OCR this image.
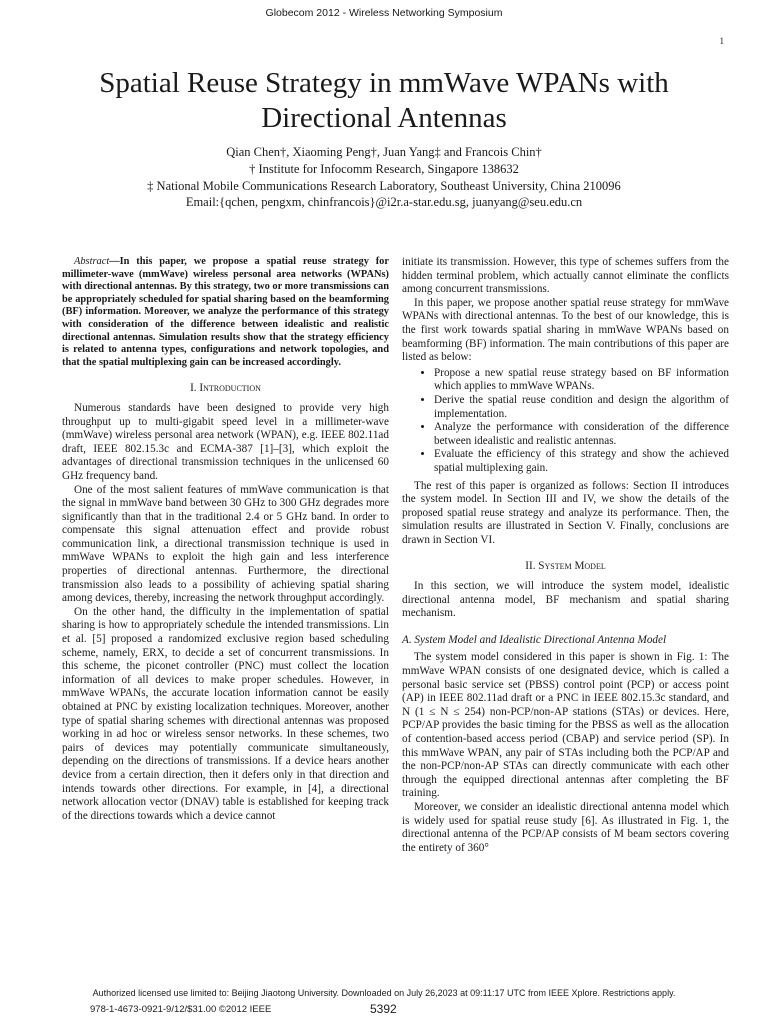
Globecom 2012 - Wireless Networking Symposium
1
Spatial Reuse Strategy in mmWave WPANs with
Directional Antennas
Qian Chen†, Xiaoming Peng†, Juan Yang‡ and Francois Chin†
† Institute for Infocomm Research, Singapore 138632
‡ National Mobile Communications Research Laboratory, Southeast University, China 210096
Email:{qchen, pengxm, chinfrancois}@i2r.a-star.edu.sg, juanyang@seu.edu.cn

Abstract—In this paper, we propose a spatial reuse strategy for millimeter-wave (mmWave) wireless personal area networks (WPANs) with directional antennas. By this strategy, two or more transmissions can be appropriately scheduled for spatial sharing based on the beamforming (BF) information. Moreover, we analyze the performance of this strategy with consideration of the difference between idealistic and realistic directional antennas. Simulation results show that the strategy efficiency is related to antenna types, configurations and network topologies, and that the spatial multiplexing gain can be increased accordingly.

I. Introduction

Numerous standards have been designed to provide very high throughput up to multi-gigabit speed level in a millimeter-wave (mmWave) wireless personal area network (WPAN), e.g. IEEE 802.11ad draft, IEEE 802.15.3c and ECMA-387 [1]–[3], which exploit the advantages of directional transmission techniques in the unlicensed 60 GHz frequency band.

One of the most salient features of mmWave communication is that the signal in mmWave band between 30 GHz to 300 GHz degrades more significantly than that in the traditional 2.4 or 5 GHz band. In order to compensate this signal attenuation effect and provide robust communication link, a directional transmission technique is used in mmWave WPANs to exploit the high gain and less interference properties of directional antennas. Furthermore, the directional transmission also leads to a possibility of achieving spatial sharing among devices, thereby, increasing the network throughput accordingly.

On the other hand, the difficulty in the implementation of spatial sharing is how to appropriately schedule the intended transmissions. Lin et al. [5] proposed a randomized exclusive region based scheduling scheme, namely, ERX, to decide a set of concurrent transmissions. In this scheme, the piconet controller (PNC) must collect the location information of all devices to make proper schedules. However, in mmWave WPANs, the accurate location information cannot be easily obtained at PNC by existing localization techniques. Moreover, another type of spatial sharing schemes with directional antennas was proposed working in ad hoc or wireless sensor networks. In these schemes, two pairs of devices may potentially communicate simultaneously, depending on the directions of transmissions. If a device hears another device from a certain direction, then it defers only in that direction and intends towards other directions. For example, in [4], a directional network allocation vector (DNAV) table is established for keeping track of the directions towards which a device cannot

initiate its transmission. However, this type of schemes suffers from the hidden terminal problem, which actually cannot eliminate the conflicts among concurrent transmissions.

In this paper, we propose another spatial reuse strategy for mmWave WPANs with directional antennas. To the best of our knowledge, this is the first work towards spatial sharing in mmWave WPANs based on beamforming (BF) information. The main contributions of this paper are listed as below:

• Propose a new spatial reuse strategy based on BF information which applies to mmWave WPANs.
• Derive the spatial reuse condition and design the algorithm of implementation.
• Analyze the performance with consideration of the difference between idealistic and realistic antennas.
• Evaluate the efficiency of this strategy and show the achieved spatial multiplexing gain.

The rest of this paper is organized as follows: Section II introduces the system model. In Section III and IV, we show the details of the proposed spatial reuse strategy and analyze its performance. Then, the simulation results are illustrated in Section V. Finally, conclusions are drawn in Section VI.

II. System Model

In this section, we will introduce the system model, idealistic directional antenna model, BF mechanism and spatial sharing mechanism.

A. System Model and Idealistic Directional Antenna Model

The system model considered in this paper is shown in Fig. 1: The mmWave WPAN consists of one designated device, which is called a personal basic service set (PBSS) control point (PCP) or access point (AP) in IEEE 802.11ad draft or a PNC in IEEE 802.15.3c standard, and N (1 ≤ N ≤ 254) non-PCP/non-AP stations (STAs) or devices. Here, PCP/AP provides the basic timing for the PBSS as well as the allocation of contention-based access period (CBAP) and service period (SP). In this mmWave WPAN, any pair of STAs including both the PCP/AP and the non-PCP/non-AP STAs can directly communicate with each other through the equipped directional antennas after completing the BF training.

Moreover, we consider an idealistic directional antenna model which is widely used for spatial reuse study [6]. As illustrated in Fig. 1, the directional antenna of the PCP/AP consists of M beam sectors covering the entirety of 360°

Authorized licensed use limited to: Beijing Jiaotong University. Downloaded on July 26,2023 at 09:11:17 UTC from IEEE Xplore. Restrictions apply.
978-1-4673-0921-9/12/$31.00 ©2012 IEEE	5392
